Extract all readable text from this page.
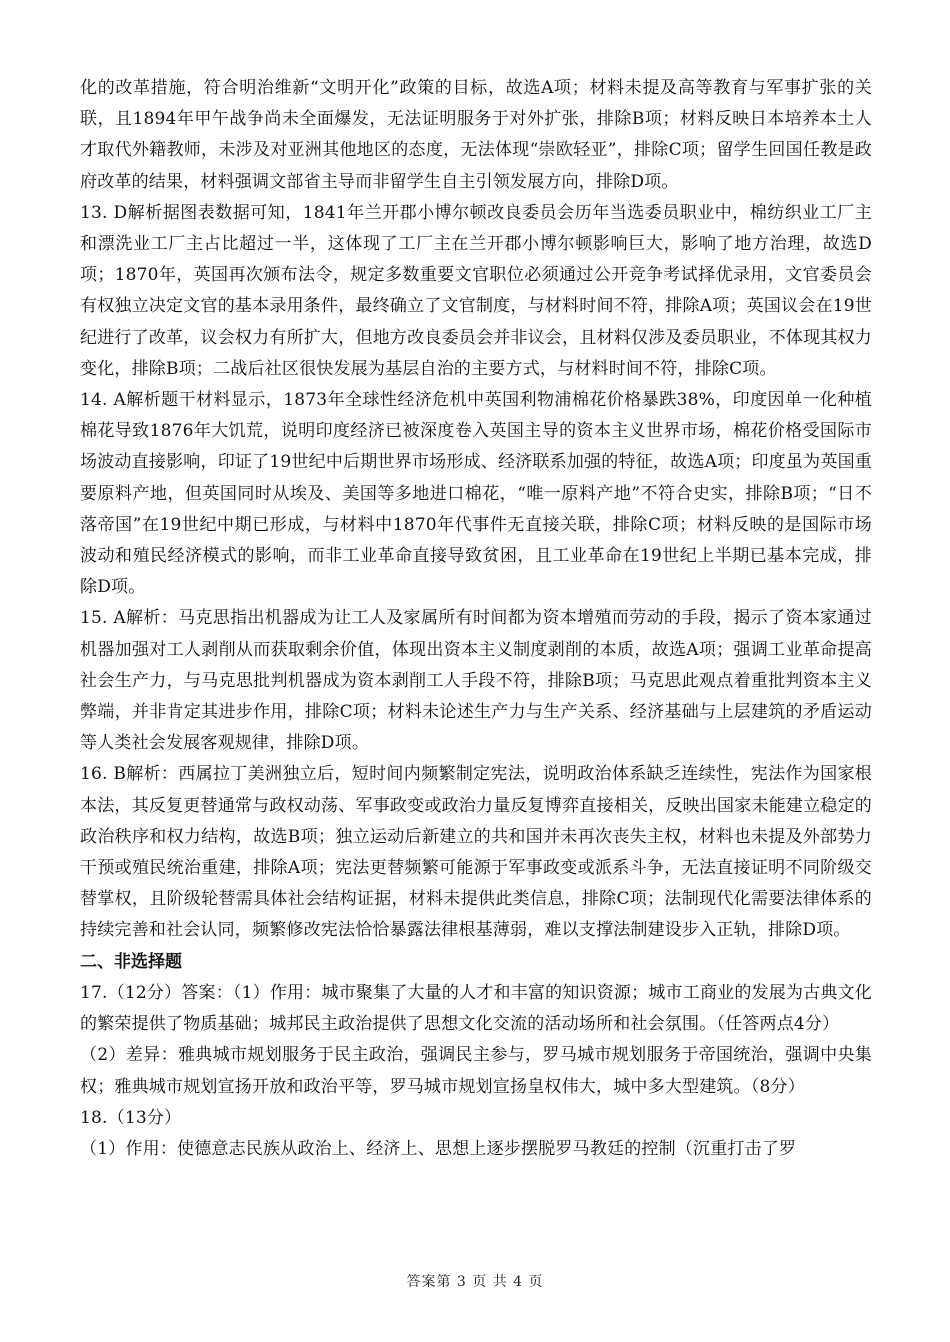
化的改革措施，符合明治维新“文明开化”政策的目标，故选A项；材料未提及高等教育与军事扩张的关联，且1894年甲午战争尚未全面爆发，无法证明服务于对外扩张，排除B项；材料反映日本培养本土人才取代外籍教师，未涉及对亚洲其他地区的态度，无法体现“崇欧轻亚”，排除C项；留学生回国任教是政府改革的结果，材料强调文部省主导而非留学生自主引领发展方向，排除D项。

13. D解析据图表数据可知，1841年兰开郡小博尔顿改良委员会历年当选委员职业中，棉纺织业工厂主和漂洗业工厂主占比超过一半，这体现了工厂主在兰开郡小博尔顿影响巨大，影响了地方治理，故选D项；1870年，英国再次颁布法令，规定多数重要文官职位必须通过公开竞争考试择优录用，文官委员会有权独立决定文官的基本录用条件，最终确立了文官制度，与材料时间不符，排除A项；英国议会在19世纪进行了改革，议会权力有所扩大，但地方改良委员会并非议会，且材料仅涉及委员职业，不体现其权力变化，排除B项；二战后社区很快发展为基层自治的主要方式，与材料时间不符，排除C项。

14. A解析题干材料显示，1873年全球性经济危机中英国利物浦棉花价格暴跌38%，印度因单一化种植棉花导致1876年大饥荒，说明印度经济已被深度卷入英国主导的资本主义世界市场，棉花价格受国际市场波动直接影响，印证了19世纪中后期世界市场形成、经济联系加强的特征，故选A项；印度虽为英国重要原料产地，但英国同时从埃及、美国等多地进口棉花，“唯一原料产地”不符合史实，排除B项；“日不落帝国”在19世纪中期已形成，与材料中1870年代事件无直接关联，排除C项；材料反映的是国际市场波动和殖民经济模式的影响，而非工业革命直接导致贫困，且工业革命在19世纪上半期已基本完成，排除D项。

15. A解析：马克思指出机器成为让工人及家属所有时间都为资本增殖而劳动的手段，揭示了资本家通过机器加强对工人剥削从而获取剩余价值，体现出资本主义制度剥削的本质，故选A项；强调工业革命提高社会生产力，与马克思批判机器成为资本剥削工人手段不符，排除B项；马克思此观点着重批判资本主义弊端，并非肯定其进步作用，排除C项；材料未论述生产力与生产关系、经济基础与上层建筑的矛盾运动等人类社会发展客观规律，排除D项。

16. B解析：西属拉丁美洲独立后，短时间内频繁制定宪法，说明政治体系缺乏连续性，宪法作为国家根本法，其反复更替通常与政权动荡、军事政变或政治力量反复博弈直接相关，反映出国家未能建立稳定的政治秩序和权力结构，故选B项；独立运动后新建立的共和国并未再次丧失主权，材料也未提及外部势力干预或殖民统治重建，排除A项；宪法更替频繁可能源于军事政变或派系斗争，无法直接证明不同阶级交替掌权，且阶级轮替需具体社会结构证据，材料未提供此类信息，排除C项；法制现代化需要法律体系的持续完善和社会认同，频繁修改宪法恰恰暴露法律根基薄弱，难以支撑法制建设步入正轨，排除D项。

二、非选择题

17.（12分）答案：（1）作用：城市聚集了大量的人才和丰富的知识资源；城市工商业的发展为古典文化的繁荣提供了物质基础；城邦民主政治提供了思想文化交流的活动场所和社会氛围。（任答两点4分）

（2）差异：雅典城市规划服务于民主政治，强调民主参与，罗马城市规划服务于帝国统治，强调中央集权；雅典城市规划宣扬开放和政治平等，罗马城市规划宣扬皇权伟大，城中多大型建筑。（8分）

18.（13分）

（1）作用：使德意志民族从政治上、经济上、思想上逐步摆脱罗马教廷的控制（沉重打击了罗

答案第 3 页 共 4 页
